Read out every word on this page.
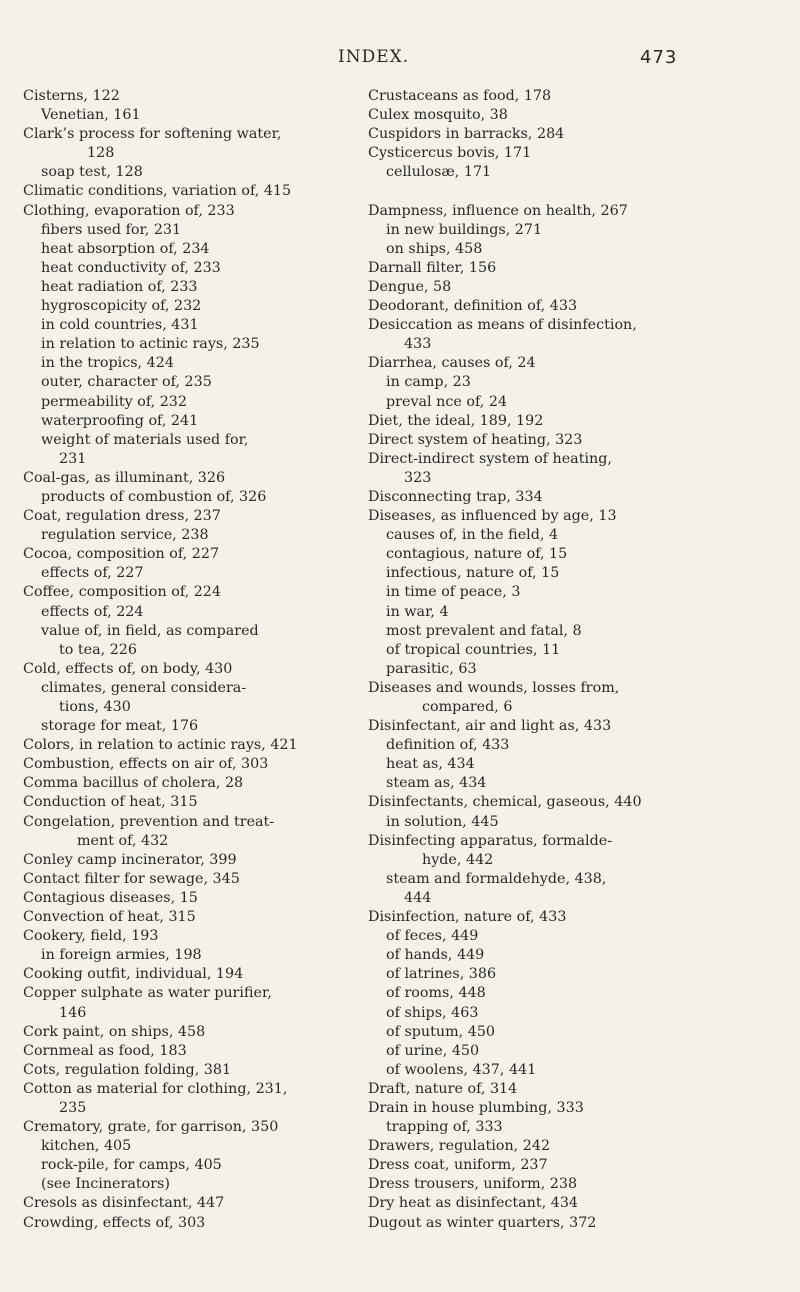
INDEX.	473
Cisterns, 122
Venetian, 161
Clark’s process for softening water,
128
soap test, 128
Climatic conditions, variation of, 415
Clothing, evaporation of, 233
fibers used for, 231
heat absorption of, 234
heat conductivity of, 233
heat radiation of, 233
hygroscopicity of, 232
in cold countries, 431
in relation to actinic rays, 235
in the tropics, 424
outer, character of, 235
permeability of, 232
waterproofing of, 241
weight of materials used for,
231
Coal-gas, as illuminant, 326
products of combustion of, 326
Coat, regulation dress, 237
regulation service, 238
Cocoa, composition of, 227
effects of, 227
Coffee, composition of, 224
effects of, 224
value of, in field, as compared
to tea, 226
Cold, effects of, on body, 430
climates, general considera-
tions, 430
storage for meat, 176
Colors, in relation to actinic rays, 421
Combustion, effects on air of, 303
Comma bacillus of cholera, 28
Conduction of heat, 315
Congelation, prevention and treat-
ment of, 432
Conley camp incinerator, 399
Contact filter for sewage, 345
Contagious diseases, 15
Convection of heat, 315
Cookery, field, 193
in foreign armies, 198
Cooking outfit, individual, 194
Copper sulphate as water purifier,
146
Cork paint, on ships, 458
Cornmeal as food, 183
Cots, regulation folding, 381
Cotton as material for clothing, 231,
235
Crematory, grate, for garrison, 350
kitchen, 405
rock-pile, for camps, 405
(see Incinerators)
Cresols as disinfectant, 447
Crowding, effects of, 303
Crustaceans as food, 178
Culex mosquito, 38
Cuspidors in barracks, 284
Cysticercus bovis, 171
cellulosæ, 171

Dampness, influence on health, 267
in new buildings, 271
on ships, 458
Darnall filter, 156
Dengue, 58
Deodorant, definition of, 433
Desiccation as means of disinfection,
433
Diarrhea, causes of, 24
in camp, 23
preval nce of, 24
Diet, the ideal, 189, 192
Direct system of heating, 323
Direct-indirect system of heating,
323
Disconnecting trap, 334
Diseases, as influenced by age, 13
causes of, in the field, 4
contagious, nature of, 15
infectious, nature of, 15
in time of peace, 3
in war, 4
most prevalent and fatal, 8
of tropical countries, 11
parasitic, 63
Diseases and wounds, losses from,
compared, 6
Disinfectant, air and light as, 433
definition of, 433
heat as, 434
steam as, 434
Disinfectants, chemical, gaseous, 440
in solution, 445
Disinfecting apparatus, formalde-
hyde, 442
steam and formaldehyde, 438,
444
Disinfection, nature of, 433
of feces, 449
of hands, 449
of latrines, 386
of rooms, 448
of ships, 463
of sputum, 450
of urine, 450
of woolens, 437, 441
Draft, nature of, 314
Drain in house plumbing, 333
trapping of, 333
Drawers, regulation, 242
Dress coat, uniform, 237
Dress trousers, uniform, 238
Dry heat as disinfectant, 434
Dugout as winter quarters, 372
